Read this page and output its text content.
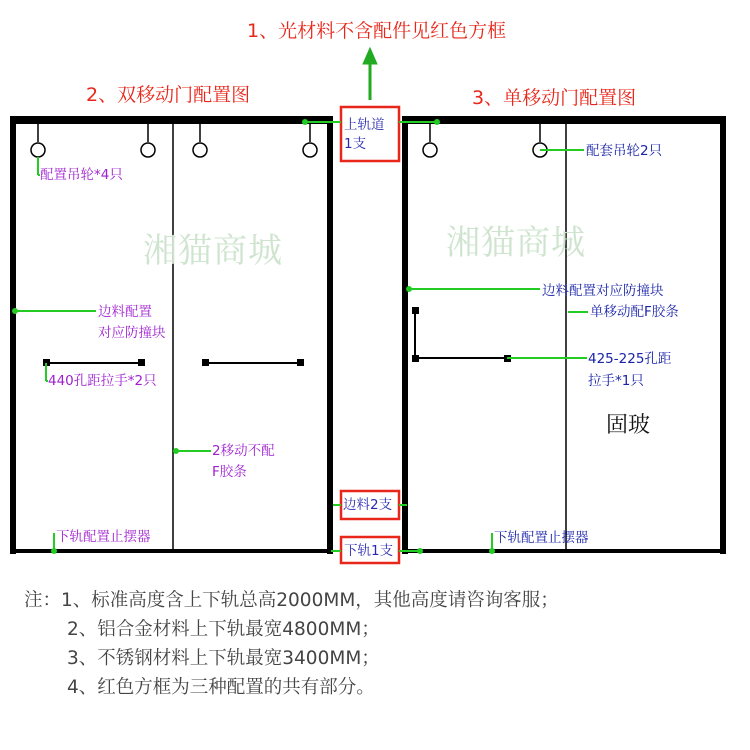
1、光材料不含配件见红色方框
2、双移动门配置图	3、单移动门配置图
湘猫商城	湘猫商城
上轨道
1支
边料2支
下轨1支
配置吊轮*4只
边料配置
对应防撞块
440孔距拉手*2只
2移动不配
F胶条
下轨配置止摆器
配套吊轮2只
边料配置对应防撞块
单移动配F胶条
425-225孔距
拉手*1只
固玻
下轨配置止摆器
注：1、标准高度含上下轨总高2000MM，其他高度请咨询客服；
2、铝合金材料上下轨最宽4800MM；
3、不锈钢材料上下轨最宽3400MM；
4、红色方框为三种配置的共有部分。
